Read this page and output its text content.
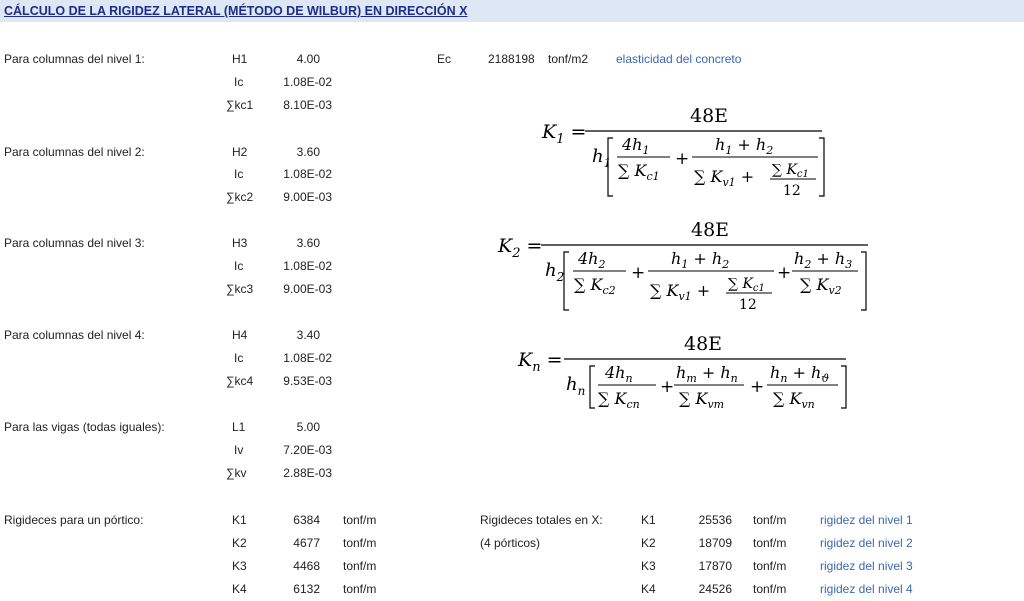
CÁLCULO DE LA RIGIDEZ LATERAL (MÉTODO DE WILBUR) EN DIRECCIÓN X
Ec	2188198 tonf/m2 elasticidad del concreto
Para columnas del nivel 1:	H1	4.00
Ic	1.08E-02
∑kc1	8.10E-03
Para columnas del nivel 2:	H2	3.60
Ic	1.08E-02
∑kc2	9.00E-03
Para columnas del nivel 3:	H3	3.60
Ic	1.08E-02
∑kc3	9.00E-03
Para columnas del nivel 4:	H4	3.40
Ic	1.08E-02
∑kc4	9.53E-03
Para las vigas (todas iguales):	L1	5.00
Iv	7.20E-03
∑kv	2.88E-03
Rigideces para un pórtico:	K1	6384 tonf/m
K2	4677 tonf/m
K3	4468 tonf/m
K4	6132 tonf/m
Rigideces totales en X:
(4 pórticos)
K1	25536 tonf/m	rigidez del nivel 1
K2	18709 tonf/m	rigidez del nivel 2
K3	17870 tonf/m	rigidez del nivel 3
K4	24526 tonf/m	rigidez del nivel 4
$K_1$ =
48E
$h_1$
$4h_1$
∑ $K_{c1}$
+
$h_1 + h_2$
∑ $K_{v1}$ + ∑ $K_{c1}$
12
$K_2$ =
48E
$h_2$
$4h_2$
∑ $K_{c2}$
+
$h_1 + h_2$
∑ $K_{v1}$ + ∑ $K_{c1}$
12
+
$h_2 + h_3$
∑ $K_{v2}$
$K_n$ =
48E
$h_n$
$4h_n$
∑ $K_{cn}$
+
$h_m + h_n$
∑ $K_{vm}$
+
$h_n + h_ϑ$
∑ $K_{vn}$
